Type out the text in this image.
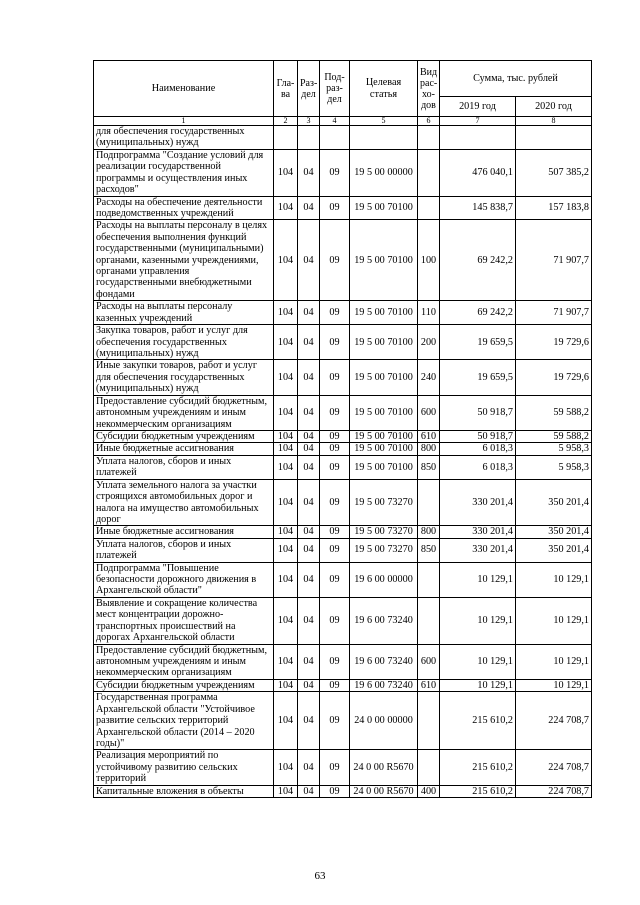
Наименование	Гла-ва	Раз-дел	Под-раз-дел	Целевая статья	Вид рас-хо-дов	Сумма, тыс. рублей	
						2019 год	2020 год
1	2	3	4	5	6	7	8
для обеспечения государственных (муниципальных) нужд							
Подпрограмма "Создание условий для реализации государственной программы и осуществления иных расходов"	104	04	09	19 5 00 00000		476 040,1	507 385,2
Расходы на обеспечение деятельности подведомственных учреждений	104	04	09	19 5 00 70100		145 838,7	157 183,8
Расходы на выплаты персоналу в целях обеспечения выполнения функций государственными (муниципальными) органами, казенными учреждениями, органами управления государственными внебюджетными фондами	104	04	09	19 5 00 70100	100	69 242,2	71 907,7
Расходы на выплаты персоналу казенных учреждений	104	04	09	19 5 00 70100	110	69 242,2	71 907,7
Закупка товаров, работ и услуг для обеспечения государственных (муниципальных) нужд	104	04	09	19 5 00 70100	200	19 659,5	19 729,6
Иные закупки товаров, работ и услуг для обеспечения государственных (муниципальных) нужд	104	04	09	19 5 00 70100	240	19 659,5	19 729,6
Предоставление субсидий бюджетным, автономным учреждениям и иным некоммерческим организациям	104	04	09	19 5 00 70100	600	50 918,7	59 588,2
Субсидии бюджетным учреждениям	104	04	09	19 5 00 70100	610	50 918,7	59 588,2
Иные бюджетные ассигнования	104	04	09	19 5 00 70100	800	6 018,3	5 958,3
Уплата налогов, сборов и иных платежей	104	04	09	19 5 00 70100	850	6 018,3	5 958,3
Уплата земельного налога за участки строящихся автомобильных дорог и налога на имущество автомобильных дорог	104	04	09	19 5 00 73270		330 201,4	350 201,4
Иные бюджетные ассигнования	104	04	09	19 5 00 73270	800	330 201,4	350 201,4
Уплата налогов, сборов и иных платежей	104	04	09	19 5 00 73270	850	330 201,4	350 201,4
Подпрограмма "Повышение безопасности дорожного движения в Архангельской области"	104	04	09	19 6 00 00000		10 129,1	10 129,1
Выявление и сокращение количества мест концентрации дорожно-транспортных происшествий на дорогах Архангельской области	104	04	09	19 6 00 73240		10 129,1	10 129,1
Предоставление субсидий бюджетным, автономным учреждениям и иным некоммерческим организациям	104	04	09	19 6 00 73240	600	10 129,1	10 129,1
Субсидии бюджетным учреждениям	104	04	09	19 6 00 73240	610	10 129,1	10 129,1
Государственная программа Архангельской области "Устойчивое развитие сельских территорий Архангельской области (2014 – 2020 годы)"	104	04	09	24 0 00 00000		215 610,2	224 708,7
Реализация мероприятий по устойчивому развитию сельских территорий	104	04	09	24 0 00 R5670		215 610,2	224 708,7
Капитальные вложения в объекты	104	04	09	24 0 00 R5670	400	215 610,2	224 708,7
63
